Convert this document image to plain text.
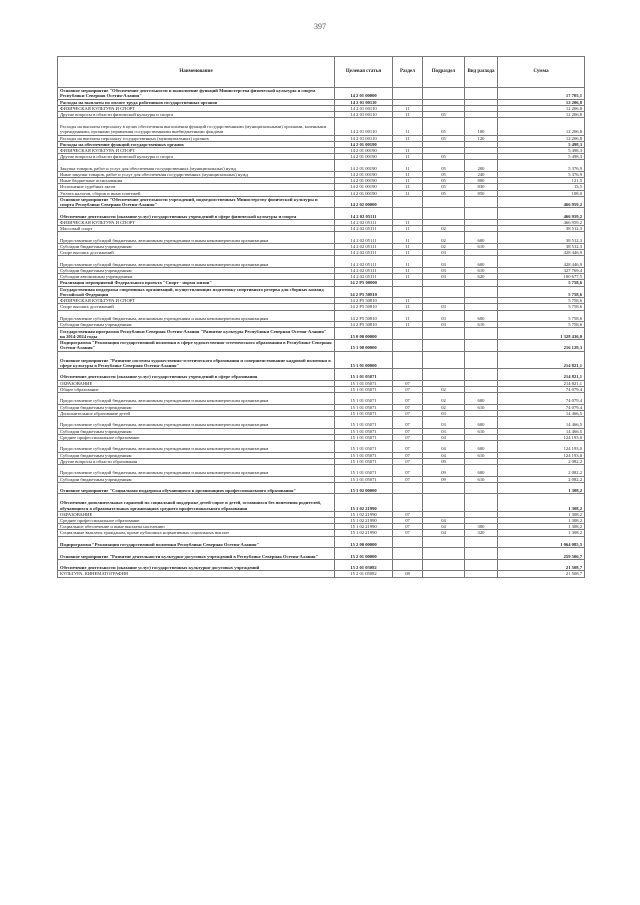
397
Наименование	Целевая статья	Раздел	Подраздел	Вид расхода	Сумма
Основное мероприятие "Обеспечение деятельности и выполнение функций Министерства физической культуры и спорта Республики Северная Осетия-Алания"	14 2 01 00000				17 705,1
Расходы на выплаты по оплате труда работников государственных органов	14 2 01 00110				12 206,8
ФИЗИЧЕСКАЯ КУЛЬТУРА И СПОРТ	14 2 01 00110	11			12 206,8
Другие вопросы в области физической культуры и спорта	14 2 01 00110	11	05		12 206,8
Расходы на выплаты персоналу в целях обеспечения выполнения функций государственными (муниципальными) органами, казенными учреждениями, органами управления государственными внебюджетными фондами	14 2 01 00110	11	05	100	12 206,8
Расходы на выплаты персоналу государственных (муниципальных) органов	14 2 01 00110	11	05	120	12 206,8
Расходы на обеспечение функций государственных органов	14 2 01 00190				5 498,3
ФИЗИЧЕСКАЯ КУЛЬТУРА И СПОРТ	14 2 01 00190	11			5 498,3
Другие вопросы в области физической культуры и спорта	14 2 01 00190	11	05		5 498,3
Закупка товаров, работ и услуг для обеспечения государственных (муниципальных) нужд	14 2 01 00190	11	05	200	5 376,9
Иные закупки товаров, работ и услуг для обеспечения государственных (муниципальных) нужд	14 2 01 00190	11	05	240	5 376,9
Иные бюджетные ассигнования	14 2 01 00190	11	05	800	121,5
Исполнение судебных актов	14 2 01 00190	11	05	830	13,5
Уплата налогов, сборов и иных платежей	14 2 01 00190	11	05	850	108,0
Основное мероприятие "Обеспечение деятельности учреждений, подведомственных Министерству физической культуры и спорта Республики Северная Осетия-Алания"	14 2 02 00000				466 959,2
Обеспечение деятельности (оказание услуг) государственных учреждений в сфере физической культуры и спорта	14 2 02 05111				466 959,2
ФИЗИЧЕСКАЯ КУЛЬТУРА И СПОРТ	14 2 02 05111	11			466 959,2
Массовый спорт	14 2 02 05111	11	02		38 512,3
Предоставление субсидий бюджетным, автономным учреждениям и иным некоммерческим организациям	14 2 02 05111	11	02	600	38 512,3
Субсидии бюджетным учреждениям	14 2 02 05111	11	02	610	38 512,3
Спорт высших достижений	14 2 02 05111	11	03		428 446,9
Предоставление субсидий бюджетным, автономным учреждениям и иным некоммерческим организациям	14 2 02 05111	11	03	600	428 446,9
Субсидии бюджетным учреждениям	14 2 02 05111	11	03	610	327 769,4
Субсидии автономным учреждениям	14 2 02 05111	11	03	620	100 677,5
Реализация мероприятий Федерального проекта "Спорт - норма жизни"	14 2 P5 00000				5 758,6
Государственная поддержка спортивных организаций, осуществляющих подготовку спортивного резерва для сборных команд Российской Федерации	14 2 P5 50810				5 758,6
ФИЗИЧЕСКАЯ КУЛЬТУРА И СПОРТ	14 2 P5 50810	11			5 758,6
Спорт высших достижений	14 2 P5 50810	11	03		5 758,6
Предоставление субсидий бюджетным, автономным учреждениям и иным некоммерческим организациям	14 2 P5 50810	11	03	600	5 758,6
Субсидии бюджетным учреждениям	14 2 P5 50810	11	03	610	5 758,6
Государственная программа Республики Северная Осетия-Алания "Развитие культуры Республики Северная Осетия-Алания" на 2014-2024 годы	15 0 00 00000				1 328 436,0
Подпрограмма "Реализация государственной политики в сфере художественно-эстетического образования в Республике Северная Осетия-Алания"	15 1 00 00000				216 129,3
Основное мероприятие "Развитие системы художественно-эстетического образования и совершенствование кадровой политики в сфере культуры в Республике Северная Осетия-Алания"	15 1 01 00000				214 821,1
Обеспечение деятельности (оказание услуг) государственных учреждений в сфере образования	15 1 01 05071				214 821,1
ОБРАЗОВАНИЕ	15 1 01 05071	07			214 821,1
Общее образование	15 1 01 05071	07	02		74 079,4
Предоставление субсидий бюджетным, автономным учреждениям и иным некоммерческим организациям	15 1 01 05071	07	02	600	74 079,4
Субсидии бюджетным учреждениям	15 1 01 05071	07	02	610	74 079,4
Дополнительное образование детей	15 1 01 05071	07	03		14 466,5
Предоставление субсидий бюджетным, автономным учреждениям и иным некоммерческим организациям	15 1 01 05071	07	03	600	14 466,5
Субсидии бюджетным учреждениям	15 1 01 05071	07	03	610	14 466,5
Среднее профессиональное образование	15 1 01 05071	07	04		124 193,0
Предоставление субсидий бюджетным, автономным учреждениям и иным некоммерческим организациям	15 1 01 05071	07	04	600	124 193,0
Субсидии бюджетным учреждениям	15 1 01 05071	07	04	610	124 193,0
Другие вопросы в области образования	15 1 01 05071	07	09		2 082,2
Предоставление субсидий бюджетным, автономным учреждениям и иным некоммерческим организациям	15 1 01 05071	07	09	600	2 082,2
Субсидии бюджетным учреждениям	15 1 01 05071	07	09	610	2 082,2
Основное мероприятие "Социальная поддержка обучающихся в организациях профессионального образования"	15 1 02 00000				1 308,2
Обеспечение дополнительных гарантий по социальной поддержке детей-сирот и детей, оставшихся без попечения родителей, обучающихся в образовательных организациях среднего профессионального образования	15 1 02 21990				1 308,2
ОБРАЗОВАНИЕ	15 1 02 21990	07			1 308,2
Среднее профессиональное образование	15 1 02 21990	07	04		1 308,2
Социальное обеспечение и иные выплаты населению	15 1 02 21990	07	04	300	1 308,2
Социальные выплаты гражданам, кроме публичных нормативных социальных выплат	15 1 02 21990	07	04	320	1 308,2
Подпрограмма "Реализация государственной политики Республики Северная Осетия-Алания"	15 2 00 00000				1 064 085,5
Основное мероприятие "Развитие деятельности культурно-досуговых учреждений в Республике Северная Осетия-Алания"	15 2 01 00000				259 506,7
Обеспечение деятельности (оказание услуг) государственных культурно-досуговых учреждений	15 2 01 05082				21 508,7
КУЛЬТУРА, КИНЕМАТОГРАФИЯ	15 2 01 05082	08			21 508,7
